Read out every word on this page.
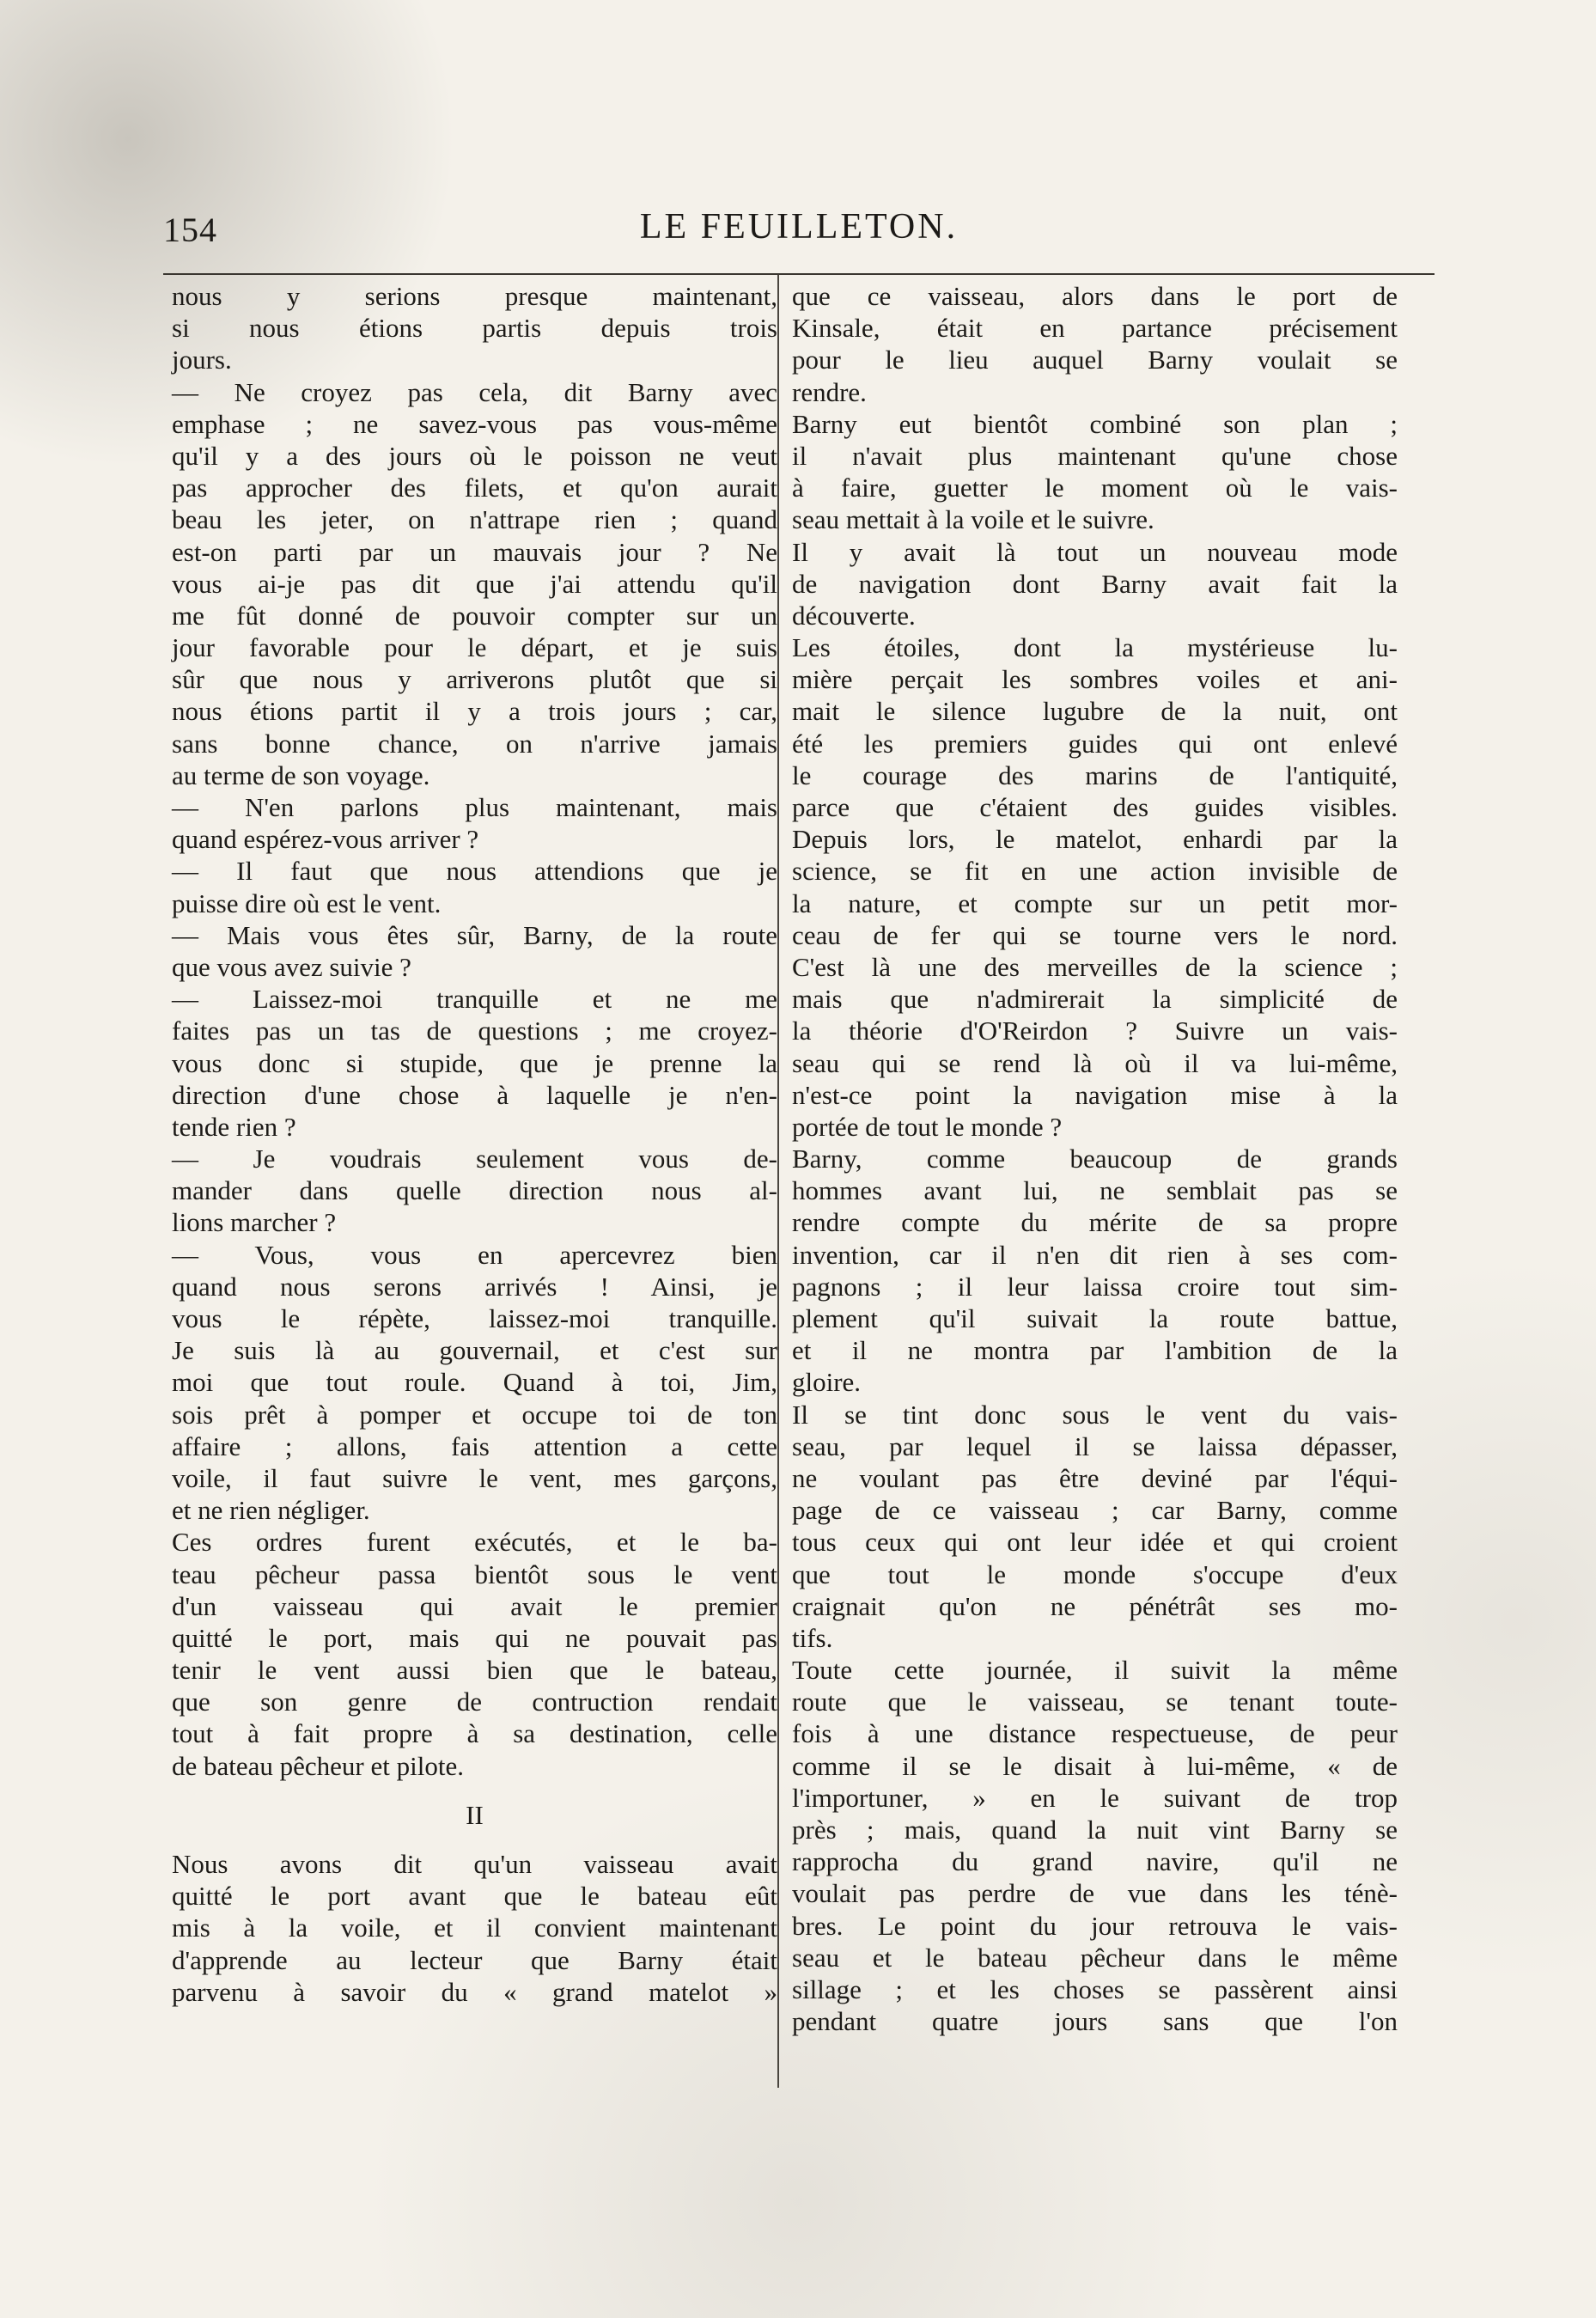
154	LE FEUILLETON.
nous y serions presque maintenant,
si nous étions partis depuis trois
jours.
— Ne croyez pas cela, dit Barny avec
emphase ; ne savez-vous pas vous-même
qu'il y a des jours où le poisson ne veut
pas approcher des filets, et qu'on aurait
beau les jeter, on n'attrape rien ; quand
est-on parti par un mauvais jour ? Ne
vous ai-je pas dit que j'ai attendu qu'il
me fût donné de pouvoir compter sur un
jour favorable pour le départ, et je suis
sûr que nous y arriverons plutôt que si
nous étions partit il y a trois jours ; car,
sans bonne chance, on n'arrive jamais
au terme de son voyage.
— N'en parlons plus maintenant, mais
quand espérez-vous arriver ?
— Il faut que nous attendions que je
puisse dire où est le vent.
— Mais vous êtes sûr, Barny, de la route
que vous avez suivie ?
— Laissez-moi tranquille et ne me
faites pas un tas de questions ; me croyez-
vous donc si stupide, que je prenne la
direction d'une chose à laquelle je n'en-
tende rien ?
— Je voudrais seulement vous de-
mander dans quelle direction nous al-
lions marcher ?
— Vous, vous en apercevrez bien
quand nous serons arrivés ! Ainsi, je
vous le répète, laissez-moi tranquille.
Je suis là au gouvernail, et c'est sur
moi que tout roule. Quand à toi, Jim,
sois prêt à pomper et occupe toi de ton
affaire ; allons, fais attention a cette
voile, il faut suivre le vent, mes garçons,
et ne rien négliger.
Ces ordres furent exécutés, et le ba-
teau pêcheur passa bientôt sous le vent
d'un vaisseau qui avait le premier
quitté le port, mais qui ne pouvait pas
tenir le vent aussi bien que le bateau,
que son genre de contruction rendait
tout à fait propre à sa destination, celle
de bateau pêcheur et pilote.
II
Nous avons dit qu'un vaisseau avait
quitté le port avant que le bateau eût
mis à la voile, et il convient maintenant
d'apprende au lecteur que Barny était
parvenu à savoir du « grand matelot »
que ce vaisseau, alors dans le port de
Kinsale, était en partance précisement
pour le lieu auquel Barny voulait se
rendre.
Barny eut bientôt combiné son plan ;
il n'avait plus maintenant qu'une chose
à faire, guetter le moment où le vais-
seau mettait à la voile et le suivre.
Il y avait là tout un nouveau mode
de navigation dont Barny avait fait la
découverte.
Les étoiles, dont la mystérieuse lu-
mière perçait les sombres voiles et ani-
mait le silence lugubre de la nuit, ont
été les premiers guides qui ont enlevé
le courage des marins de l'antiquité,
parce que c'étaient des guides visibles.
Depuis lors, le matelot, enhardi par la
science, se fit en une action invisible de
la nature, et compte sur un petit mor-
ceau de fer qui se tourne vers le nord.
C'est là une des merveilles de la science ;
mais que n'admirerait la simplicité de
la théorie d'O'Reirdon ? Suivre un vais-
seau qui se rend là où il va lui-même,
n'est-ce point la navigation mise à la
portée de tout le monde ?
Barny, comme beaucoup de grands
hommes avant lui, ne semblait pas se
rendre compte du mérite de sa propre
invention, car il n'en dit rien à ses com-
pagnons ; il leur laissa croire tout sim-
plement qu'il suivait la route battue,
et il ne montra par l'ambition de la
gloire.
Il se tint donc sous le vent du vais-
seau, par lequel il se laissa dépasser,
ne voulant pas être deviné par l'équi-
page de ce vaisseau ; car Barny, comme
tous ceux qui ont leur idée et qui croient
que tout le monde s'occupe d'eux
craignait qu'on ne pénétrât ses mo-
tifs.
Toute cette journée, il suivit la même
route que le vaisseau, se tenant toute-
fois à une distance respectueuse, de peur
comme il se le disait à lui-même, « de
l'importuner, » en le suivant de trop
près ; mais, quand la nuit vint Barny se
rapprocha du grand navire, qu'il ne
voulait pas perdre de vue dans les ténè-
bres. Le point du jour retrouva le vais-
seau et le bateau pêcheur dans le même
sillage ; et les choses se passèrent ainsi
pendant quatre jours sans que l'on
